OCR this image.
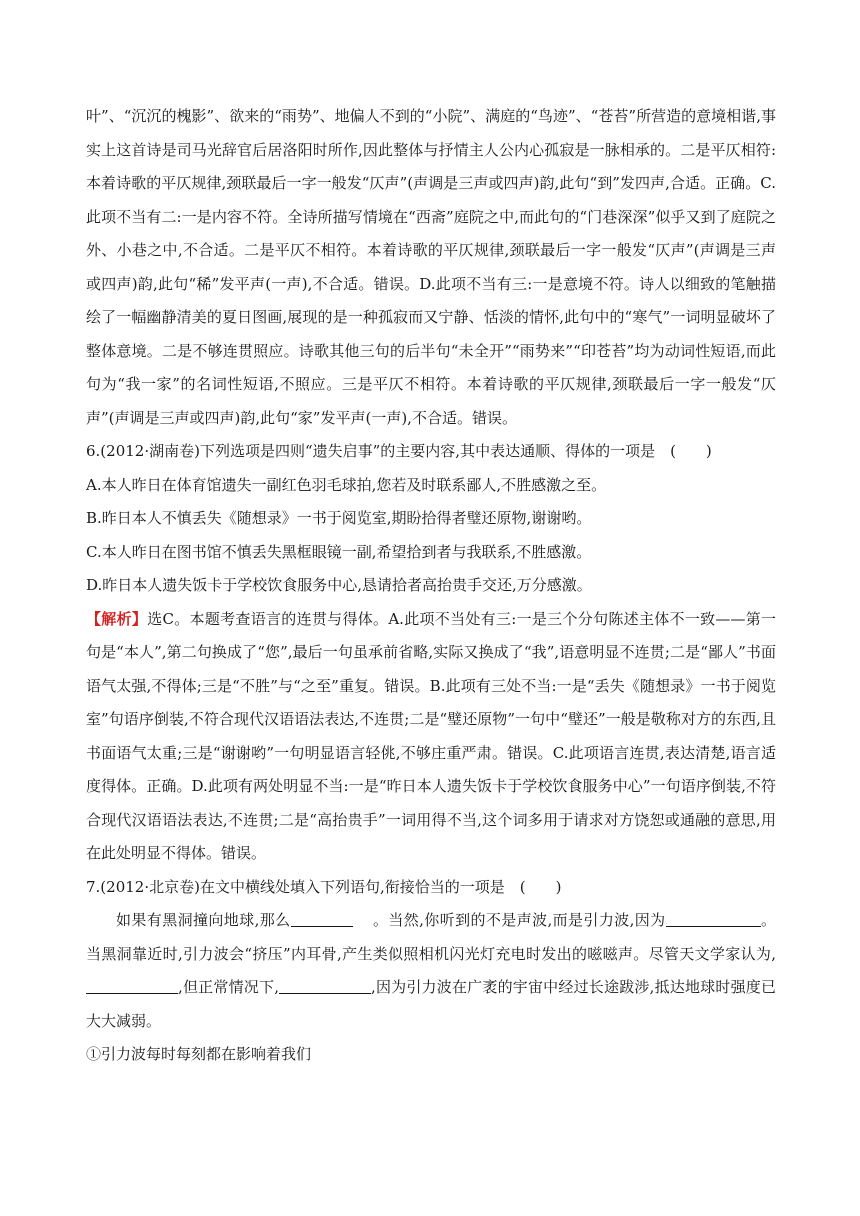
叶”、“沉沉的槐影”、欲来的“雨势”、地偏人不到的“小院”、满庭的“鸟迹”、“苍苔”所营造的意境相谐,事实上这首诗是司马光辞官后居洛阳时所作,因此整体与抒情主人公内心孤寂是一脉相承的。二是平仄相符:本着诗歌的平仄规律,颈联最后一字一般发“仄声”(声调是三声或四声)韵,此句“到”发四声,合适。正确。C.此项不当有二:一是内容不符。全诗所描写情境在“西斋”庭院之中,而此句的“门巷深深”似乎又到了庭院之外、小巷之中,不合适。二是平仄不相符。本着诗歌的平仄规律,颈联最后一字一般发“仄声”(声调是三声或四声)韵,此句“稀”发平声(一声),不合适。错误。D.此项不当有三:一是意境不符。诗人以细致的笔触描绘了一幅幽静清美的夏日图画,展现的是一种孤寂而又宁静、恬淡的情怀,此句中的“寒气”一词明显破坏了整体意境。二是不够连贯照应。诗歌其他三句的后半句“未全开”“雨势来”“印苍苔”均为动词性短语,而此句为“我一家”的名词性短语,不照应。三是平仄不相符。本着诗歌的平仄规律,颈联最后一字一般发“仄声”(声调是三声或四声)韵,此句“家”发平声(一声),不合适。错误。

6.(2012·湖南卷)下列选项是四则“遗失启事”的主要内容,其中表达通顺、得体的一项是　(　　)

A.本人昨日在体育馆遗失一副红色羽毛球拍,您若及时联系鄙人,不胜感激之至。

B.昨日本人不慎丢失《随想录》一书于阅览室,期盼拾得者璧还原物,谢谢哟。

C.本人昨日在图书馆不慎丢失黑框眼镜一副,希望拾到者与我联系,不胜感激。

D.昨日本人遗失饭卡于学校饮食服务中心,恳请拾者高抬贵手交还,万分感激。

【解析】选C。本题考查语言的连贯与得体。A.此项不当处有三:一是三个分句陈述主体不一致——第一句是“本人”,第二句换成了“您”,最后一句虽承前省略,实际又换成了“我”,语意明显不连贯;二是“鄙人”书面语气太强,不得体;三是“不胜”与“之至”重复。错误。B.此项有三处不当:一是“丢失《随想录》一书于阅览室”句语序倒装,不符合现代汉语语法表达,不连贯;二是“璧还原物”一句中“璧还”一般是敬称对方的东西,且书面语气太重;三是“谢谢哟”一句明显语言轻佻,不够庄重严肃。错误。C.此项语言连贯,表达清楚,语言适度得体。正确。D.此项有两处明显不当:一是“昨日本人遗失饭卡于学校饮食服务中心”一句语序倒装,不符合现代汉语语法表达,不连贯;二是“高抬贵手”一词用得不当,这个词多用于请求对方饶恕或通融的意思,用在此处明显不得体。错误。

7.(2012·北京卷)在文中横线处填入下列语句,衔接恰当的一项是　(　　)

如果有黑洞撞向地球,那么	。当然,你听到的不是声波,而是引力波,因为	。当黑洞靠近时,引力波会“挤压”内耳骨,产生类似照相机闪光灯充电时发出的嗞嗞声。尽管天文学家认为,,但正常情况下,	,因为引力波在广袤的宇宙中经过长途跋涉,抵达地球时强度已大大减弱。

①引力波每时每刻都在影响着我们
